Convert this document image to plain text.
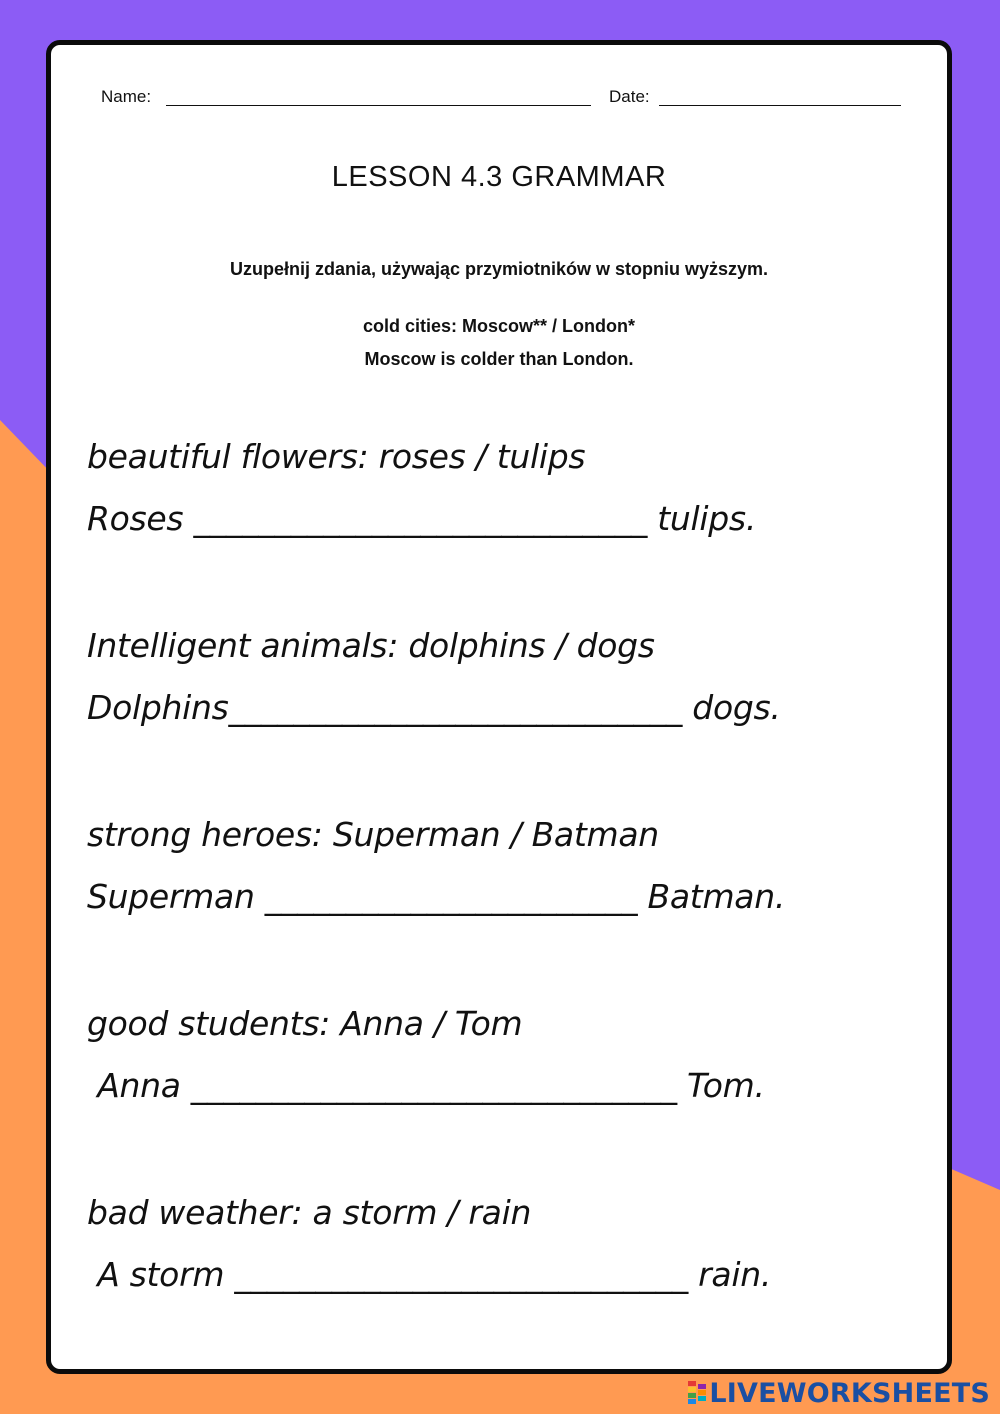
Name:	Date:
LESSON 4.3 GRAMMAR
Uzupełnij zdania, używając przymiotników w stopniu wyższym.
cold cities: Moscow** / London*
Moscow is colder than London.
beautiful flowers: roses / tulips
Roses ____________________________ tulips.
Intelligent animals: dolphins / dogs
Dolphins____________________________ dogs.
strong heroes: Superman / Batman
Superman _______________________ Batman.
good students: Anna / Tom
Anna ______________________________ Tom.
bad weather: a storm / rain
A storm ____________________________ rain.
LIVEWORKSHEETS
